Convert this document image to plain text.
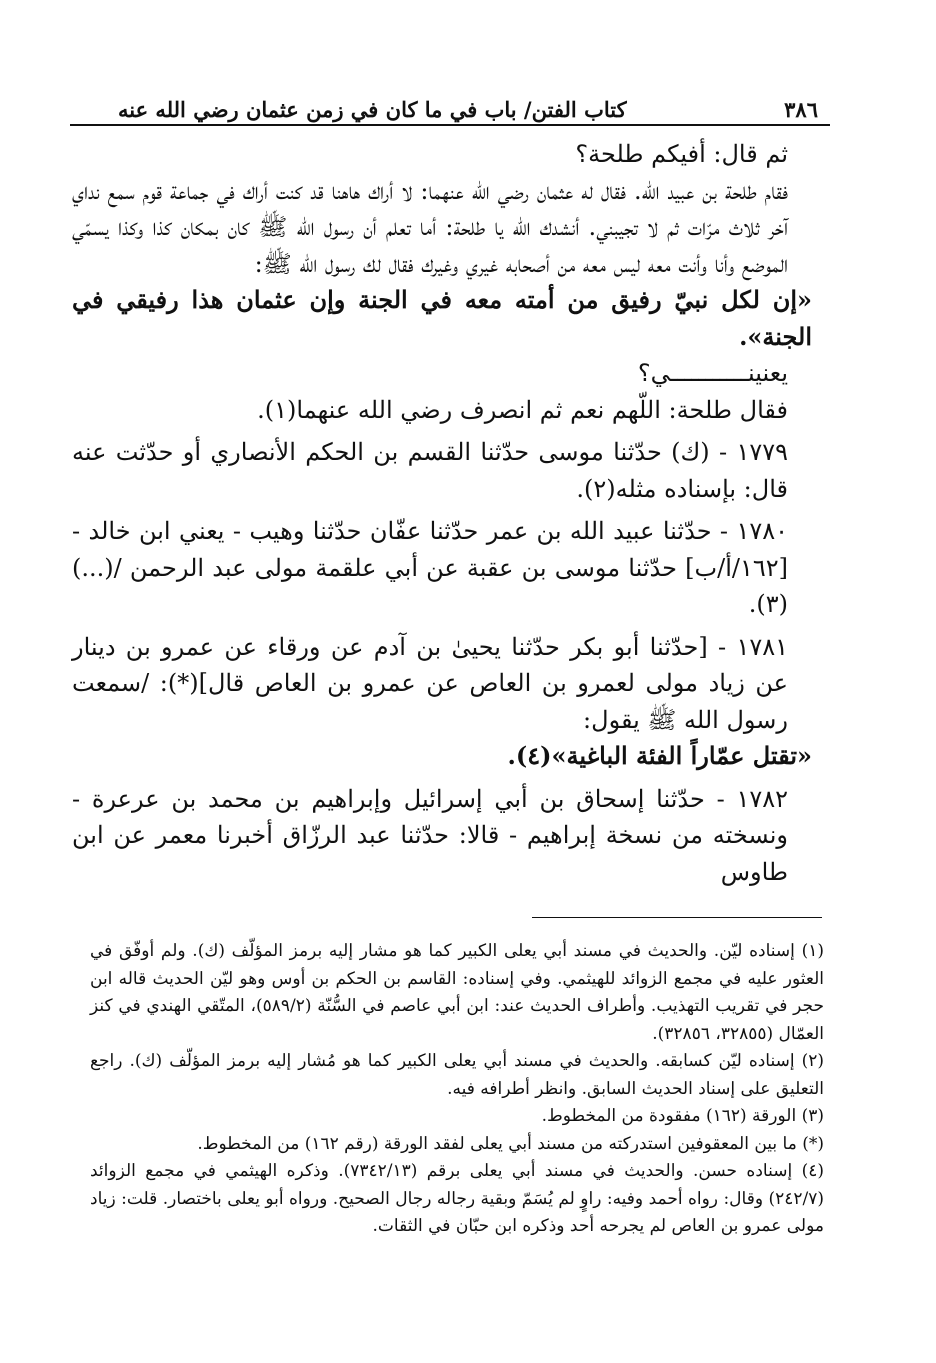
٣٨٦
كتاب الفتن/ باب في ما كان في زمن عثمان رضي الله عنه

ثم قال: أفيكم طلحة؟

فقام طلحة بن عبيد الله. فقال له عثمان رضي الله عنهما: لا أراك هاهنا قد كنت أراك في جماعة قوم سمع نداي آخر ثلاث مرّات ثم لا تجيبني. أنشدك الله يا طلحة: أما تعلم أن رسول الله ﷺ كان بمكان كذا وكذا يسمّي الموضع وأنا وأنت معه ليس معه من أصحابه غيري وغيرك فقال لك رسول الله ﷺ:

«إن لكل نبيّ رفيق من أمته معه في الجنة وإن عثمان هذا رفيقي في الجنة».

يعنينـــــــــــي؟

فقال طلحة: اللّهم نعم ثم انصرف رضي الله عنهما(١).

١٧٧٩ - (ك) حدّثنا موسى حدّثنا القسم بن الحكم الأنصاري أو حدّثت عنه قال: بإسناده مثله(٢).

١٧٨٠ - حدّثنا عبيد الله بن عمر حدّثنا عفّان حدّثنا وهيب - يعني ابن خالد - [١٦٢/أ/ب] حدّثنا موسى بن عقبة عن أبي علقمة مولى عبد الرحمن /(...)(٣).

١٧٨١ - [حدّثنا أبو بكر حدّثنا يحيىٰ بن آدم عن ورقاء عن عمرو بن دينار عن زياد مولى لعمرو بن العاص عن عمرو بن العاص قال](*): /سمعت رسول الله ﷺ يقول:

«تقتل عمّاراً الفئة الباغية»(٤).

١٧٨٢ - حدّثنا إسحاق بن أبي إسرائيل وإبراهيم بن محمد بن عرعرة - ونسخته من نسخة إبراهيم - قالا: حدّثنا عبد الرزّاق أخبرنا معمر عن ابن طاوس

(١) إسناده ليّن. والحديث في مسند أبي يعلى الكبير كما هو مشار إليه برمز المؤلّف (ك). ولم أوفّق في العثور عليه في مجمع الزوائد للهيثمي. وفي إسناده: القاسم بن الحكم بن أوس وهو ليّن الحديث قاله ابن حجر في تقريب التهذيب. وأطراف الحديث عند: ابن أبي عاصم في السُّنّة (٥٨٩/٢)، المتّقي الهندي في كنز العمّال (٣٢٨٥٥، ٣٢٨٥٦).

(٢) إسناده ليّن كسابقه. والحديث في مسند أبي يعلى الكبير كما هو مُشار إليه برمز المؤلّف (ك). راجع التعليق على إسناد الحديث السابق. وانظر أطرافه فيه.

(٣) الورقة (١٦٢) مفقودة من المخطوط.

(*) ما بين المعقوفين استدركته من مسند أبي يعلى لفقد الورقة (رقم ١٦٢) من المخطوط.

(٤) إسناده حسن. والحديث في مسند أبي يعلى برقم (٧٣٤٢/١٣). وذكره الهيثمي في مجمع الزوائد (٢٤٢/٧) وقال: رواه أحمد وفيه: راوٍ لم يُسَمّ وبقية رجاله رجال الصحيح. ورواه أبو يعلى باختصار. قلت: زياد مولى عمرو بن العاص لم يجرحه أحد وذكره ابن حبّان في الثقات.
